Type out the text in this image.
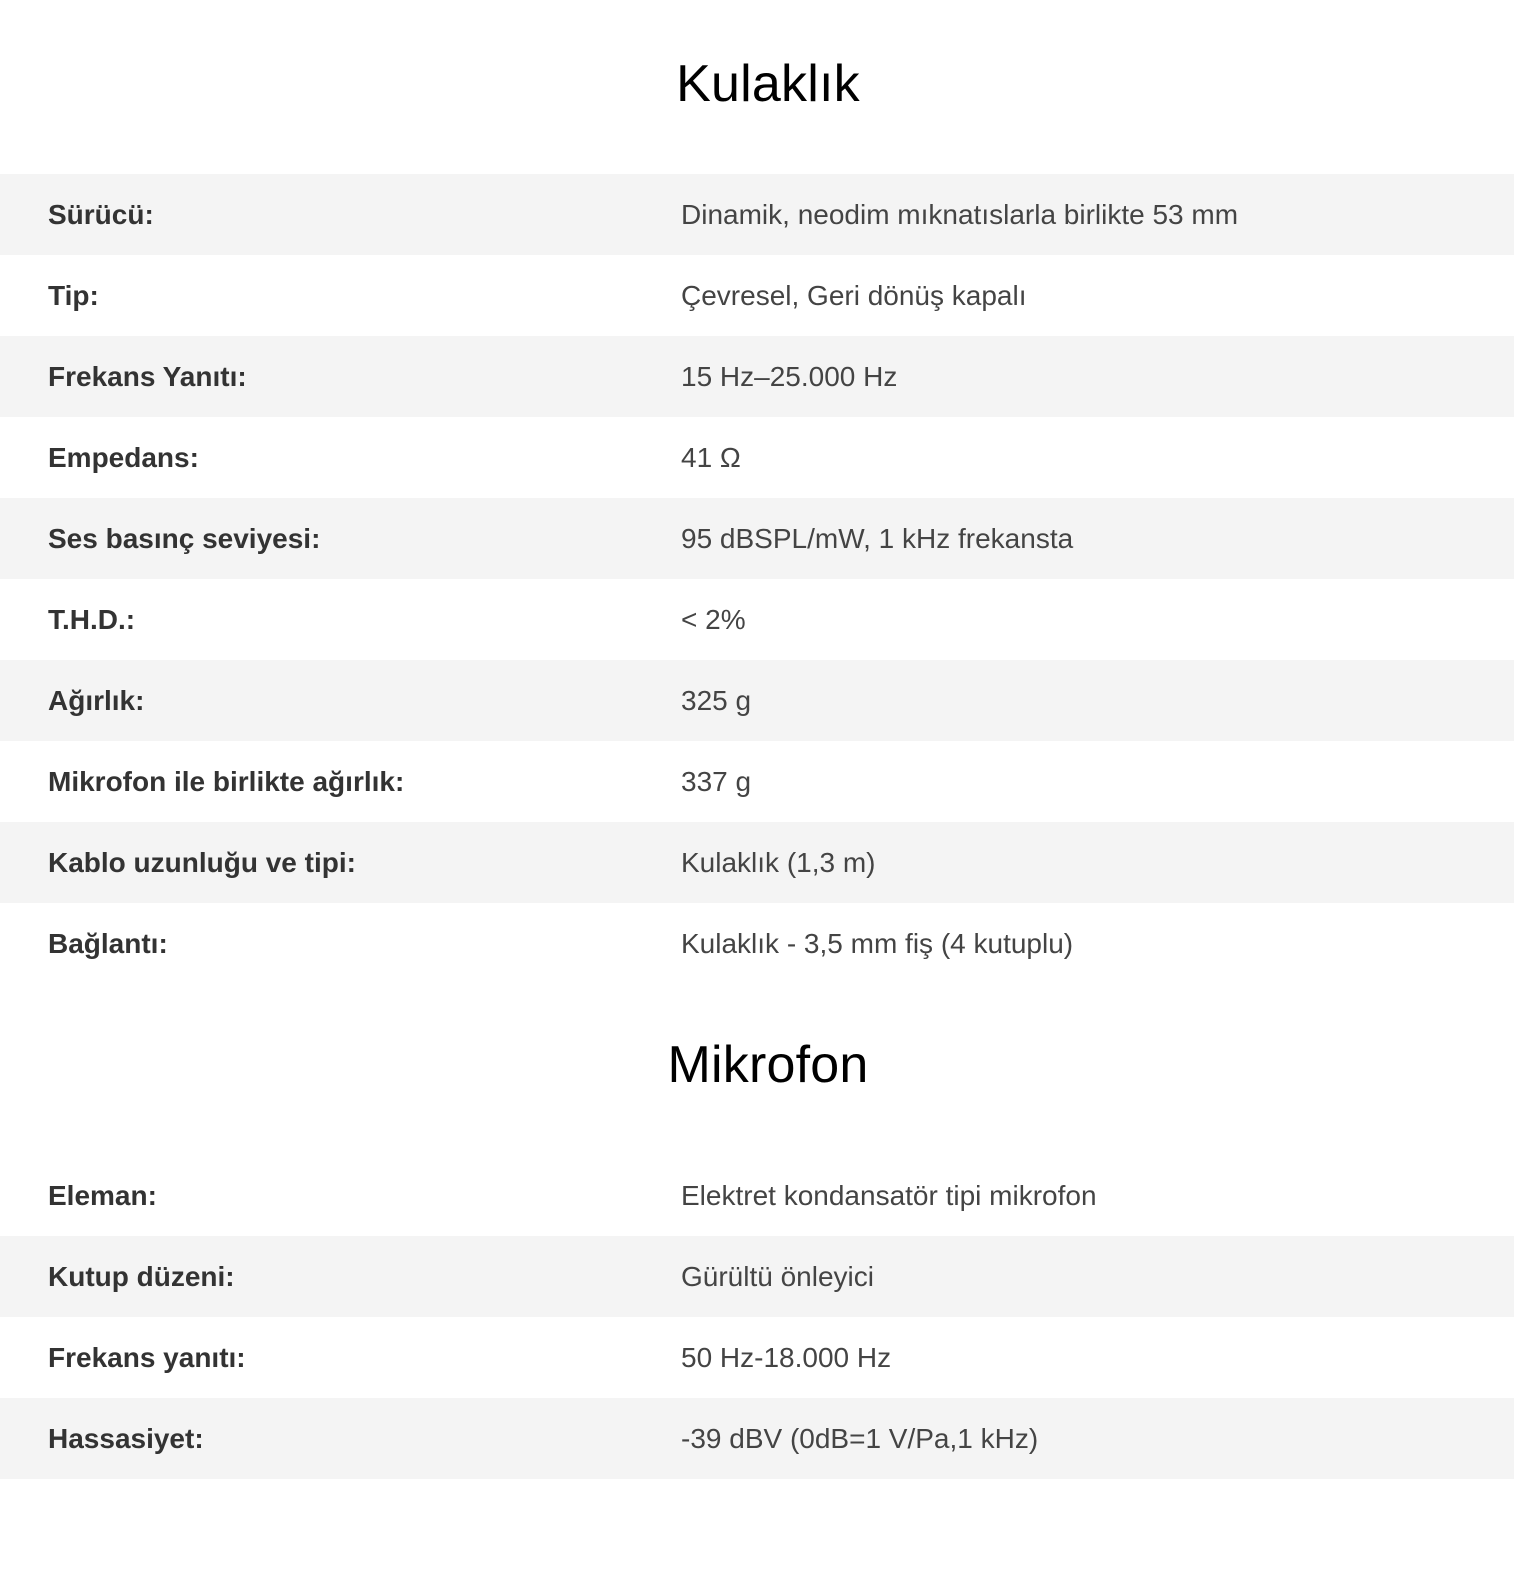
Kulaklık
Sürücü:	Dinamik, neodim mıknatıslarla birlikte 53 mm
Tip:	Çevresel, Geri dönüş kapalı
Frekans Yanıtı:	15 Hz–25.000 Hz
Empedans:	41 Ω
Ses basınç seviyesi:	95 dBSPL/mW, 1 kHz frekansta
T.H.D.:	< 2%
Ağırlık:	325 g
Mikrofon ile birlikte ağırlık:	337 g
Kablo uzunluğu ve tipi:	Kulaklık (1,3 m)
Bağlantı:	Kulaklık - 3,5 mm fiş (4 kutuplu)
Mikrofon
Eleman:	Elektret kondansatör tipi mikrofon
Kutup düzeni:	Gürültü önleyici
Frekans yanıtı:	50 Hz-18.000 Hz
Hassasiyet:	-39 dBV (0dB=1 V/Pa,1 kHz)
